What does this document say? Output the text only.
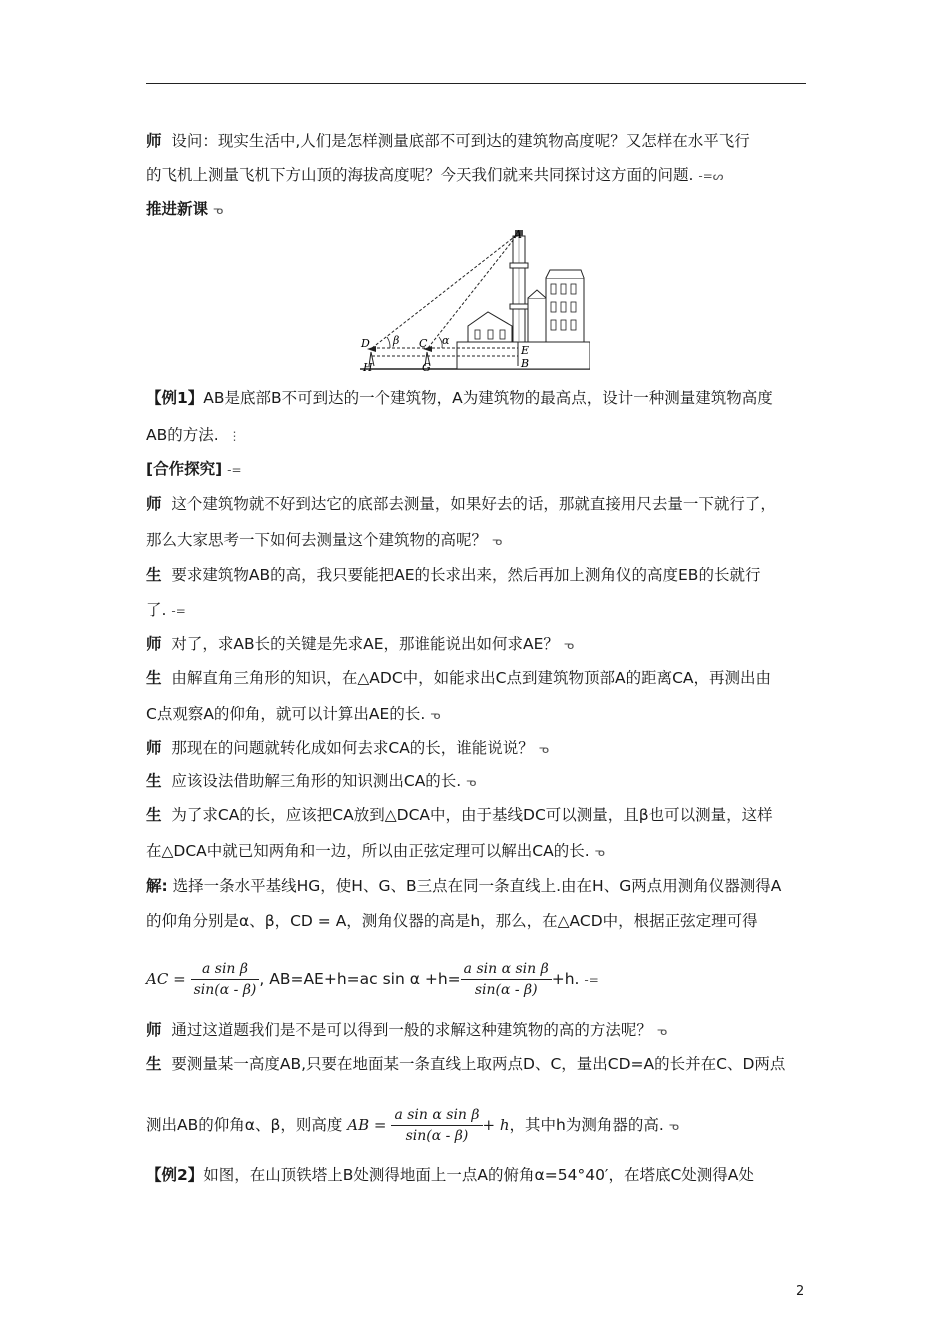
师 设问：现实生活中,人们是怎样测量底部不可到达的建筑物高度呢？又怎样在水平飞行
的飞机上测量飞机下方山顶的海拔高度呢？今天我们就来共同探讨这方面的问题. -=ᔕ
推进新课 ᓀ
A
D	C
H	G
E
B
β	α
【例1】AB是底部B不可到达的一个建筑物，A为建筑物的最高点，设计一种测量建筑物高度
AB的方法. ⋮
[合作探究] -=
师 这个建筑物就不好到达它的底部去测量，如果好去的话，那就直接用尺去量一下就行了，
那么大家思考一下如何去测量这个建筑物的高呢？ ᓀ
生 要求建筑物AB的高，我只要能把AE的长求出来，然后再加上测角仪的高度EB的长就行
了. -=
师 对了，求AB长的关键是先求AE，那谁能说出如何求AE？ ᓀ
生 由解直角三角形的知识，在△ADC中，如能求出C点到建筑物顶部A的距离CA，再测出由
C点观察A的仰角，就可以计算出AE的长. ᓀ
师 那现在的问题就转化成如何去求CA的长，谁能说说？ ᓀ
生 应该设法借助解三角形的知识测出CA的长. ᓀ
生 为了求CA的长，应该把CA放到△DCA中，由于基线DC可以测量，且β也可以测量，这样
在△DCA中就已知两角和一边，所以由正弦定理可以解出CA的长. ᓀ
解: 选择一条水平基线HG，使H、G、B三点在同一条直线上.由在H、G两点用测角仪器测得A
的仰角分别是α、β，CD = A，测角仪器的高是h，那么，在△ACD中，根据正弦定理可得
AC = $\frac{\text{a sin β}}{\sin(\alpha - \beta)}$ , AB=AE+h=ac $\sin \alpha +h= \frac{\text{a sin α sin β}}{\sin(\alpha - \beta)} +h$. -=
师 通过这道题我们是不是可以得到一般的求解这种建筑物的高的方法呢？ ᓀ
生 要测量某一高度AB,只要在地面某一条直线上取两点D、C，量出CD=A的长并在C、D两点
测出AB的仰角α、β，则高度 AB = $\frac{\text{a sin α sin β}}{\sin(\alpha - \beta)} + h$，其中h为测角器的高. ᓀ
【例2】如图，在山顶铁塔上B处测得地面上一点A的俯角α=54°40′，在塔底C处测得A处
2
